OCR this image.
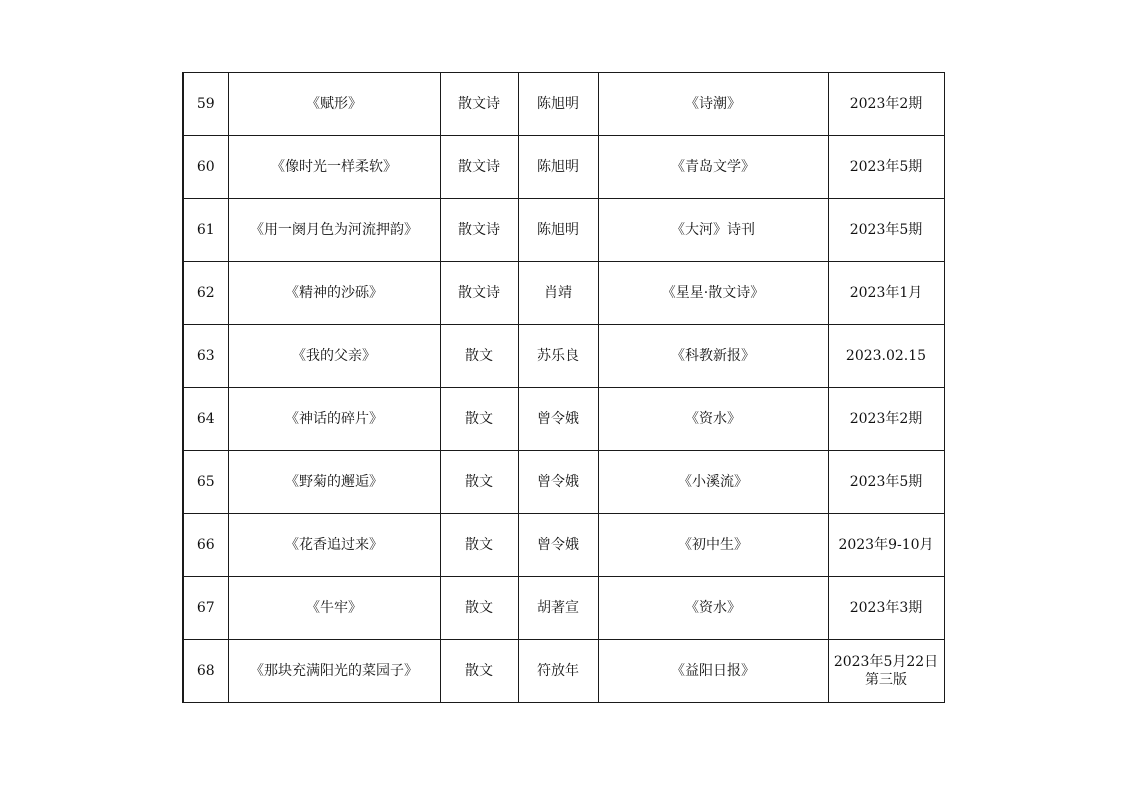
59	《赋形》	散文诗	陈旭明	《诗潮》	2023年2期
60	《像时光一样柔软》	散文诗	陈旭明	《青岛文学》	2023年5期
61	《用一阕月色为河流押韵》	散文诗	陈旭明	《大河》诗刊	2023年5期
62	《精神的沙砾》	散文诗	肖靖	《星星·散文诗》	2023年1月
63	《我的父亲》	散文	苏乐良	《科教新报》	2023.02.15
64	《神话的碎片》	散文	曾令娥	《资水》	2023年2期
65	《野菊的邂逅》	散文	曾令娥	《小溪流》	2023年5期
66	《花香追过来》	散文	曾令娥	《初中生》	2023年9-10月
67	《牛牢》	散文	胡著宣	《资水》	2023年3期
68	《那块充满阳光的菜园子》	散文	符放年	《益阳日报》	2023年5月22日第三版
